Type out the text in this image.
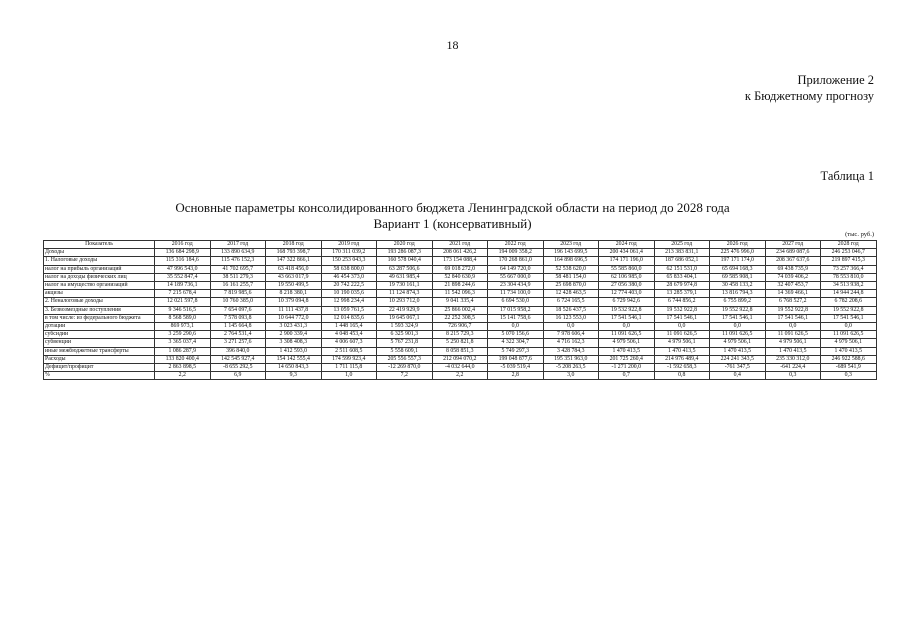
18
Приложение 2
к Бюджетному прогнозу
Таблица 1
Основные параметры консолидированного бюджета Ленинградской области на период до 2028 года
Вариант 1 (консервативный)
(тыс. руб.)
Показатель	2016 год	2017 год	2018 год	2019 год	2020 год	2021 год	2022 год	2023 год	2024 год	2025 год	2026 год	2027 год	2028 год
Доходы	136 684 298,9	133 890 634,9	168 793 398,7	170 311 039,2	193 286 087,3	208 061 426,2	194 009 358,2	196 143 699,5	200 434 061,4	213 383 831,1	225 476 996,0	234 689 087,6	246 253 046,7
1. Налоговые доходы	115 316 184,6	115 476 152,3	147 322 866,1	150 253 043,3	160 578 040,4	173 154 088,4	170 268 861,0	164 898 696,5	174 171 196,0	187 686 052,1	197 171 174,0	208 367 637,6	219 897 415,3
налог на прибыль организаций	47 996 543,0	41 702 695,7	63 418 456,0	58 638 800,0	63 287 506,6	69 018 272,0	64 149 720,0	52 538 620,0	55 585 860,0	62 151 531,0	65 694 168,3	69 438 735,9	73 257 366,4
налог на доходы физических лиц	35 552 847,4	38 511 279,3	43 663 017,9	46 454 373,0	49 631 985,4	52 840 630,9	55 667 000,0	58 481 154,0	62 106 985,0	65 833 404,1	69 585 908,1	74 039 406,2	78 553 810,0
налог на имущество организаций	14 189 736,1	16 161 255,7	19 550 499,5	20 742 222,5	19 730 161,1	21 898 244,6	23 304 434,9	25 698 870,0	27 056 380,0	28 679 974,8	30 458 133,2	32 407 453,7	34 513 938,2
акцизы	7 215 678,4	7 819 985,6	8 218 380,1	10 190 035,6	11 124 874,3	11 542 096,3	11 734 100,0	12 428 463,5	12 774 403,0	13 285 379,1	13 816 794,3	14 369 466,1	14 944 244,8
2. Неналоговые доходы	12 021 597,8	10 760 385,0	10 379 094,8	12 998 234,4	10 293 712,0	9 041 335,4	6 694 530,0	6 724 165,5	6 729 942,6	6 744 856,2	6 755 899,2	6 768 527,2	6 782 208,6
3. Безвозмездные поступления	9 346 516,5	7 654 097,6	11 111 437,8	13 059 761,5	22 419 929,9	25 866 002,4	17 015 958,2	18 526 437,5	19 532 922,8	19 532 922,8	19 552 922,8	19 552 922,8	19 552 922,8
в том числе: из федерального бюджета	8 568 589,0	7 578 093,8	10 644 772,0	12 014 835,6	19 645 067,1	22 252 308,5	15 141 758,6	16 123 553,0	17 541 546,1	17 541 546,1	17 541 546,1	17 541 546,1	17 541 546,1
дотации	869 973,1	1 145 664,8	3 023 431,3	1 448 165,4	1 593 324,9	726 906,7	0,0	0,0	0,0	0,0	0,0	0,0	0,0
субсидии	3 259 290,6	2 764 531,4	2 900 339,4	4 048 453,4	6 325 901,3	8 215 729,3	5 070 156,6	7 978 606,4	11 091 626,5	11 091 626,5	11 091 626,5	11 091 626,5	11 091 626,5
субвенции	3 365 037,4	3 271 257,6	3 308 408,3	4 006 607,3	5 767 231,8	5 250 821,8	4 322 304,7	4 716 162,3	4 979 506,1	4 979 506,1	4 979 506,1	4 979 506,1	4 979 506,1
иные межбюджетные трансферты	1 086 287,9	396 840,0	1 412 593,0	2 511 608,5	5 558 609,1	8 058 851,3	5 749 297,3	3 428 784,3	1 470 413,5	1 470 413,5	1 470 413,5	1 470 413,5	1 470 413,5
Расходы	133 820 400,4	142 545 927,4	154 142 555,4	174 599 923,4	205 556 557,3	212 094 070,2	199 048 877,6	195 351 963,0	201 725 260,4	214 976 489,4	224 241 343,5	235 330 312,0	246 922 588,6
Дефицит/профицит	2 863 898,5	-8 655 292,5	14 650 843,3	1 711 115,8	-12 269 870,0	-4 032 644,0	-5 039 519,4	-5 208 263,5	-1 271 200,0	-1 592 658,3	-761 347,5	-641 224,4	-689 541,9
%	2,2	6,9	9,3	1,0	7,2	2,2	2,8	3,0	0,7	0,8	0,4	0,3	0,3
